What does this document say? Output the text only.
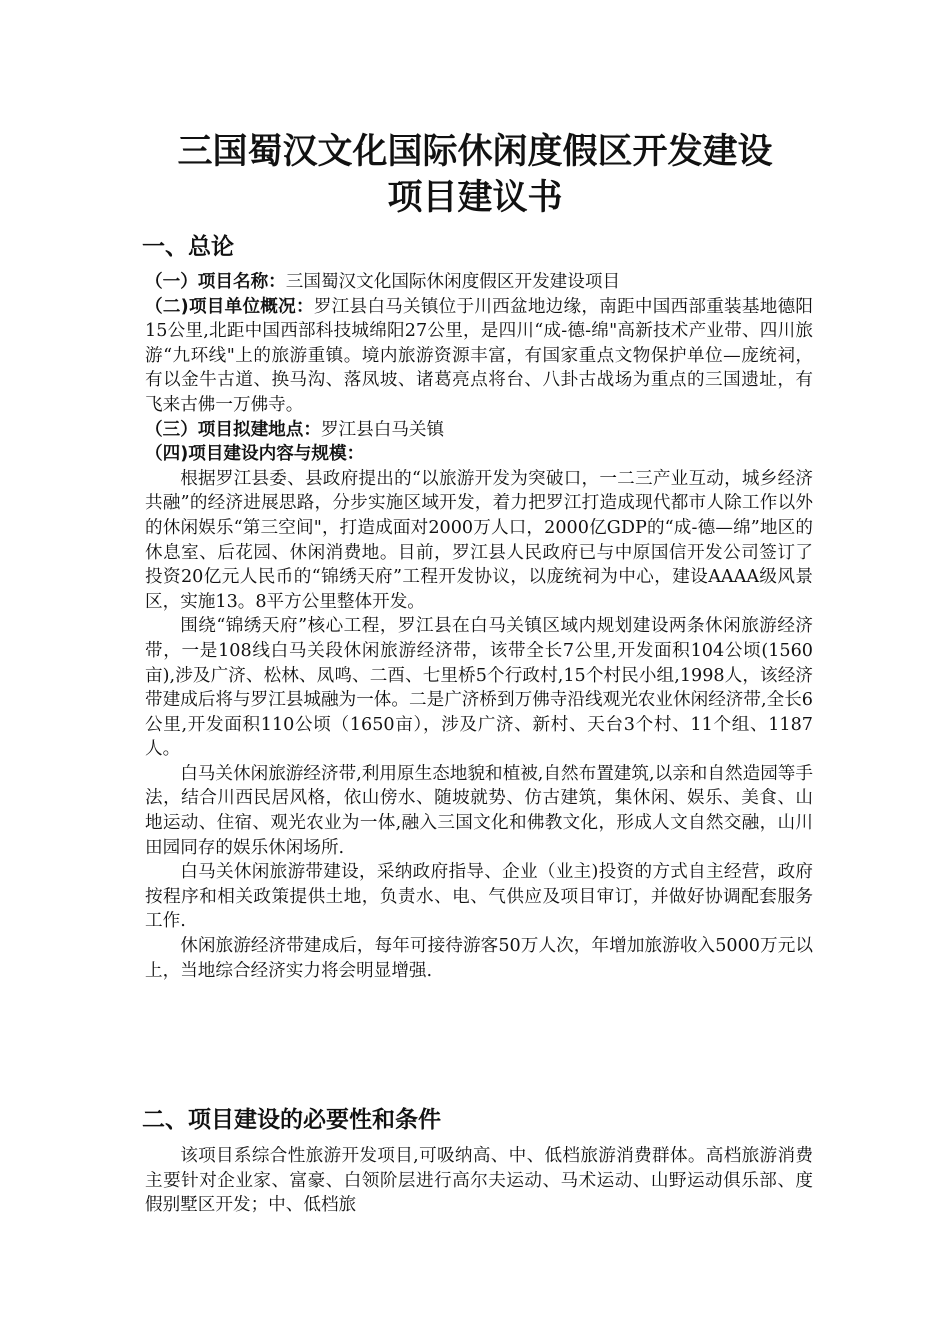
三国蜀汉文化国际休闲度假区开发建设
项目建议书
一、总论

（一）项目名称：三国蜀汉文化国际休闲度假区开发建设项目

（二)项目单位概况：罗江县白马关镇位于川西盆地边缘，南距中国西部重装基地德阳15公里,北距中国西部科技城绵阳27公里，是四川“成-德-绵"高新技术产业带、四川旅游“九环线"上的旅游重镇。境内旅游资源丰富，有国家重点文物保护单位—庞统祠，有以金牛古道、换马沟、落凤坡、诸葛亮点将台、八卦古战场为重点的三国遗址，有飞来古佛一万佛寺。

（三）项目拟建地点：罗江县白马关镇

（四)项目建设内容与规模：

根据罗江县委、县政府提出的“以旅游开发为突破口，一二三产业互动，城乡经济共融”的经济进展思路，分步实施区域开发，着力把罗江打造成现代都市人除工作以外的休闲娱乐“第三空间"，打造成面对2000万人口，2000亿GDP的“成-德—绵”地区的休息室、后花园、休闲消费地。目前，罗江县人民政府已与中原国信开发公司签订了投资20亿元人民币的“锦绣天府”工程开发协议，以庞统祠为中心，建设AAAA级风景区，实施13。8平方公里整体开发。

围绕“锦绣天府”核心工程，罗江县在白马关镇区域内规划建设两条休闲旅游经济带，一是108线白马关段休闲旅游经济带，该带全长7公里,开发面积104公顷(1560亩),涉及广济、松林、凤鸣、二酉、七里桥5个行政村,15个村民小组,1998人，该经济带建成后将与罗江县城融为一体。二是广济桥到万佛寺沿线观光农业休闲经济带,全长6公里,开发面积110公顷（1650亩），涉及广济、新村、天台3个村、11个组、1187人。

白马关休闲旅游经济带,利用原生态地貌和植被,自然布置建筑,以亲和自然造园等手法，结合川西民居风格，依山傍水、随坡就势、仿古建筑，集休闲、娱乐、美食、山地运动、住宿、观光农业为一体,融入三国文化和佛教文化，形成人文自然交融，山川田园同存的娱乐休闲场所.

白马关休闲旅游带建设，采纳政府指导、企业（业主)投资的方式自主经营，政府按程序和相关政策提供土地，负责水、电、气供应及项目审订，并做好协调配套服务工作.

休闲旅游经济带建成后，每年可接待游客50万人次，年增加旅游收入5000万元以上，当地综合经济实力将会明显增强.

二、项目建设的必要性和条件

该项目系综合性旅游开发项目,可吸纳高、中、低档旅游消费群体。高档旅游消费主要针对企业家、富豪、白领阶层进行高尔夫运动、马术运动、山野运动俱乐部、度假别墅区开发；中、低档旅
